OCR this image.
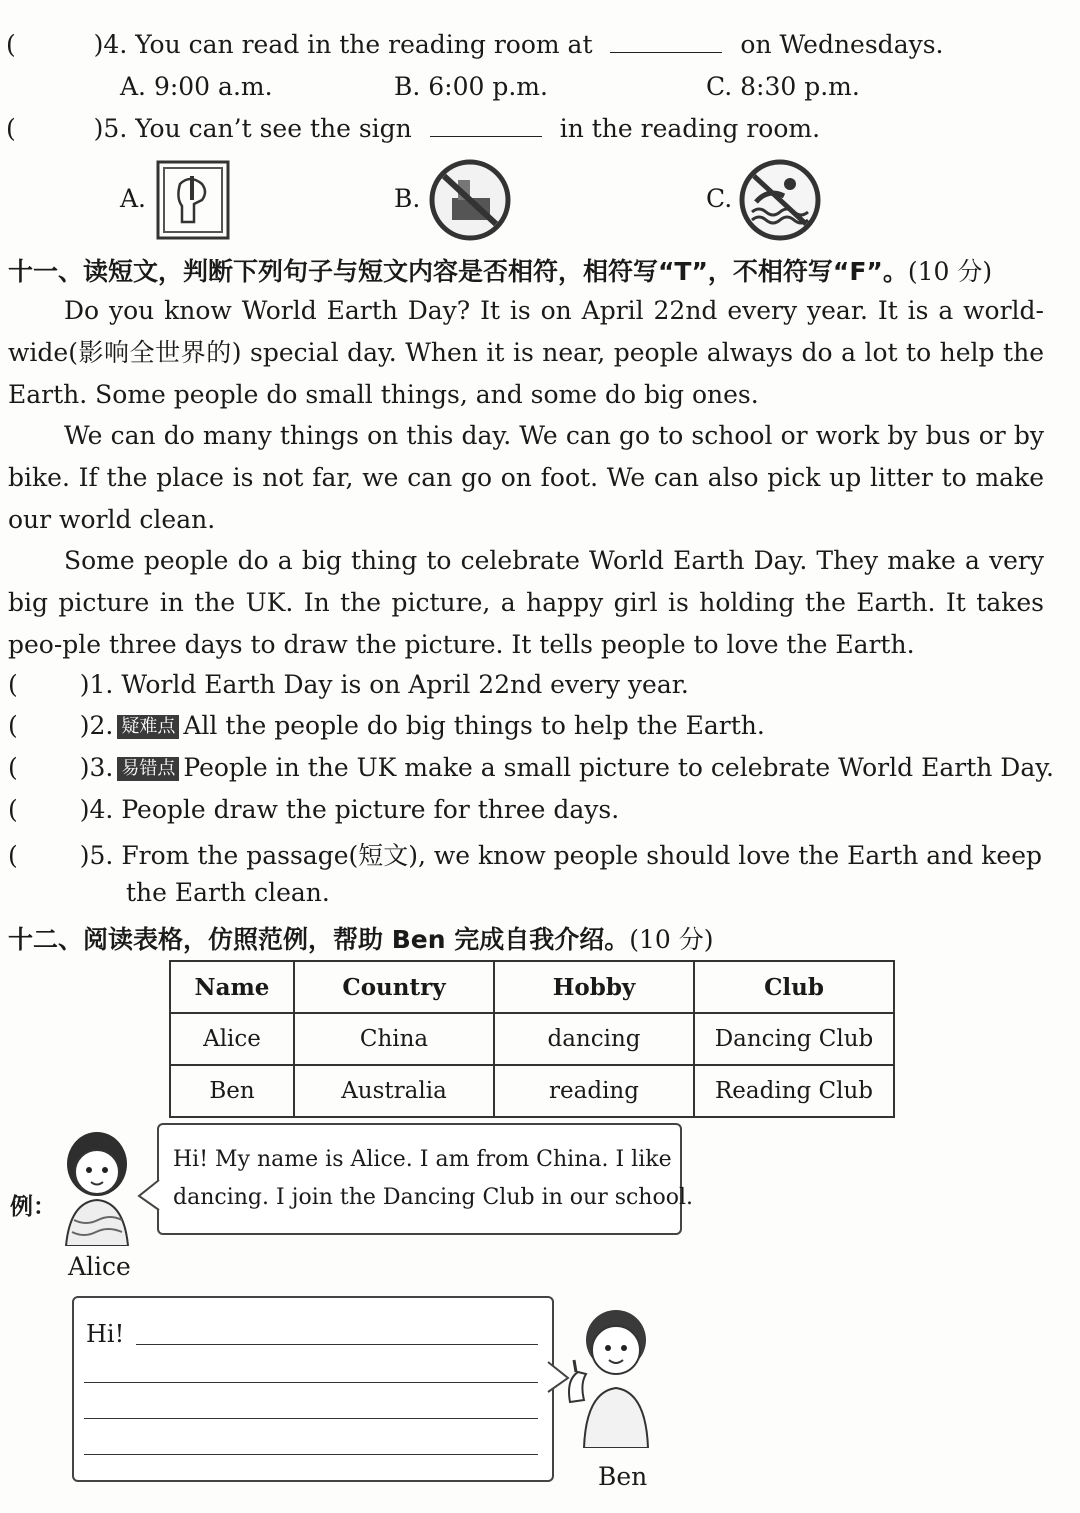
(	)4. You can read in the reading room at	on Wednesdays.
A. 9:00 a.m.	B. 6:00 p.m.	C. 8:30 p.m.
(	)5. You can’t see the sign	in the reading room.
A.	B.	C.
十一、读短文，判断下列句子与短文内容是否相符，相符写“T”，不相符写“F”。(10 分)
Do you know World Earth Day? It is on April 22nd every year. It is a world-wide(影响全世界的) special day. When it is near, people always do a lot to help the Earth. Some people do small things, and some do big ones.
We can do many things on this day. We can go to school or work by bus or by bike. If the place is not far, we can go on foot. We can also pick up litter to make our world clean.
Some people do a big thing to celebrate World Earth Day. They make a very big picture in the UK. In the picture, a happy girl is holding the Earth. It takes peo-ple three days to draw the picture. It tells people to love the Earth.
( )1. World Earth Day is on April 22nd every year.
( )2. 疑难点 All the people do big things to help the Earth.
( )3. 易错点 People in the UK make a small picture to celebrate World Earth Day.
( )4. People draw the picture for three days.
( )5. From the passage(短文), we know people should love the Earth and keep
the Earth clean.
十二、阅读表格，仿照范例，帮助 Ben 完成自我介绍。(10 分)
Name	Country	Hobby	Club
Alice	China	dancing	Dancing Club
Ben	Australia	reading	Reading Club
例：
Alice
Hi! My name is Alice. I am from China. I like
dancing. I join the Dancing Club in our school.
Hi!
Ben
